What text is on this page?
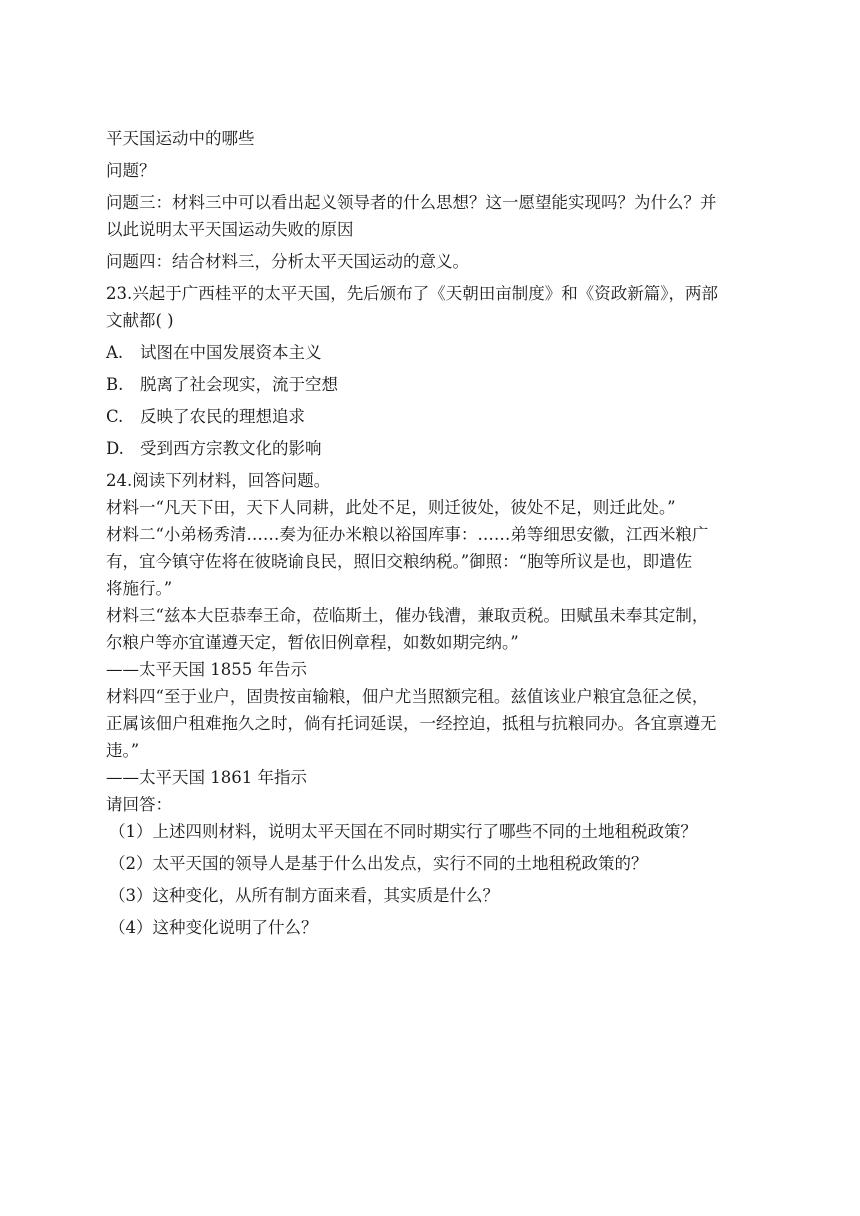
平天国运动中的哪些
问题？
问题三：材料三中可以看出起义领导者的什么思想？这一愿望能实现吗？为什么？并
以此说明太平天国运动失败的原因
问题四：结合材料三，分析太平天国运动的意义。
23.兴起于广西桂平的太平天国，先后颁布了《天朝田亩制度》和《资政新篇》，两部
文献都( )
A. 试图在中国发展资本主义
B. 脱离了社会现实，流于空想
C. 反映了农民的理想追求
D. 受到西方宗教文化的影响
24.阅读下列材料，回答问题。
材料一“凡天下田，天下人同耕，此处不足，则迁彼处，彼处不足，则迁此处。”
材料二“小弟杨秀清……奏为征办米粮以裕国库事：……弟等细思安徽，江西米粮广
有，宜今镇守佐将在彼晓谕良民，照旧交粮纳税。”御照：“胞等所议是也，即遣佐
将施行。”
材料三“兹本大臣恭奉王命，莅临斯土，催办钱漕，兼取贡税。田赋虽未奉其定制，
尔粮户等亦宜谨遵天定，暂依旧例章程，如数如期完纳。”
——太平天国 1855 年告示
材料四“至于业户，固贵按亩输粮，佃户尤当照额完租。兹值该业户粮宜急征之侯，
正属该佃户租难拖久之时，倘有托词延误，一经控迫，抵租与抗粮同办。各宜禀遵无
违。”
——太平天国 1861 年指示
请回答：
（1）上述四则材料，说明太平天国在不同时期实行了哪些不同的土地租税政策？
（2）太平天国的领导人是基于什么出发点，实行不同的土地租税政策的？
（3）这种变化，从所有制方面来看，其实质是什么？
（4）这种变化说明了什么？
